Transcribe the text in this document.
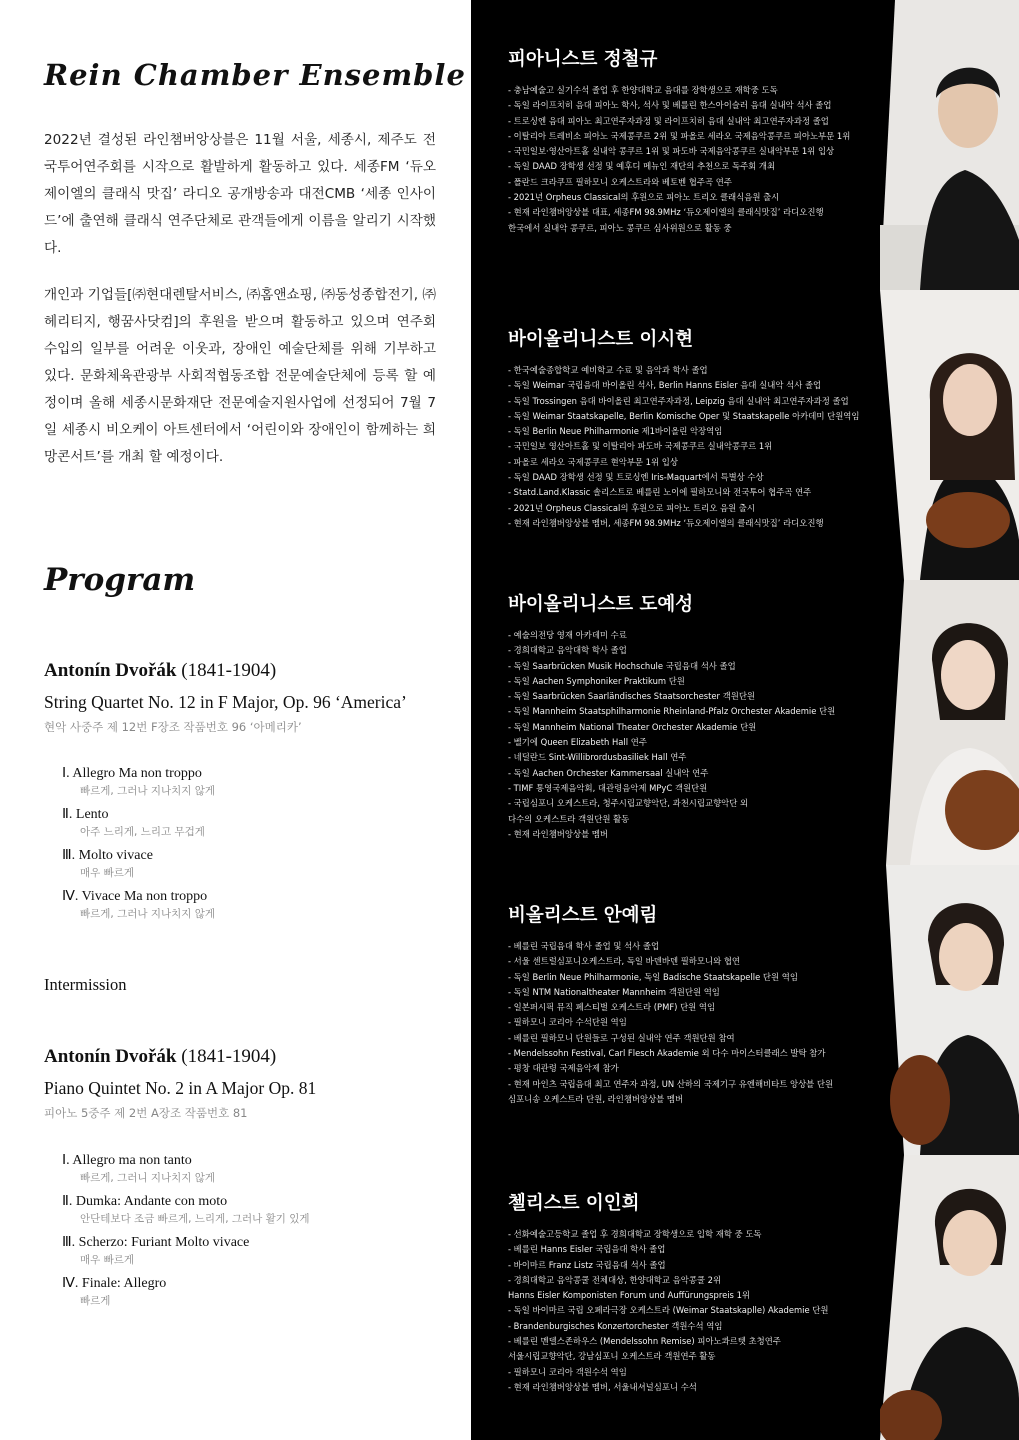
Rein Chamber Ensemble

2022년 결성된 라인챔버앙상블은 11월 서울, 세종시, 제주도 전국투어연주회를 시작으로 활발하게 활동하고 있다. 세종FM ‘듀오 제이엘의 클래식 맛집’ 라디오 공개방송과 대전CMB ‘세종 인사이드’에 출연해 클래식 연주단체로 관객들에게 이름을 알리기 시작했다.

개인과 기업들[㈜현대렌탈서비스, ㈜홈앤쇼핑, ㈜동성종합전기, ㈜헤리티지, 행꿈사닷컴]의 후원을 받으며 활동하고 있으며 연주회 수입의 일부를 어려운 이웃과, 장애인 예술단체를 위해 기부하고 있다. 문화체육관광부 사회적협동조합 전문예술단체에 등록 할 예정이며 올해 세종시문화재단 전문예술지원사업에 선정되어 7월 7일 세종시 비오케이 아트센터에서 ‘어린이와 장애인이 함께하는 희망콘서트’를 개최 할 예정이다.

Program
Antonín Dvořák (1841-1904)
String Quartet No. 12 in F Major, Op. 96 ‘America’
현악 사중주 제 12번 F장조 작품번호 96 ‘아메리카’
Ⅰ. Allegro Ma non troppo
빠르게, 그러나 지나치지 않게
Ⅱ. Lento
아주 느리게, 느리고 무겁게
Ⅲ. Molto vivace
매우 빠르게
Ⅳ. Vivace Ma non troppo
빠르게, 그러나 지나치지 않게
Intermission
Antonín Dvořák (1841-1904)
Piano Quintet No. 2 in A Major Op. 81
피아노 5중주 제 2번 A장조 작품번호 81
Ⅰ. Allegro ma non tanto
빠르게, 그러니 지나치지 않게
Ⅱ. Dumka: Andante con moto
안단테보다 조금 빠르게, 느리게, 그러나 활기 있게
Ⅲ. Scherzo: Furiant Molto vivace
매우 빠르게
Ⅳ. Finale: Allegro
빠르게
피아니스트 정철규
- 충남예술고 실기수석 졸업 후 한양대학교 음대를 장학생으로 재학중 도독
- 독일 라이프치히 음대 피아노 학사, 석사 및 베를린 한스아이슬러 음대 실내악 석사 졸업
- 트로싱엔 음대 피아노 최고연주자과정 및 라이프치히 음대 실내악 최고연주자과정 졸업
- 이탈리아 트레비소 피아노 국제콩쿠르 2위 및 파올로 세라오 국제음악콩쿠르 피아노부문 1위
- 국민일보·영산아트홀 실내악 콩쿠르 1위 및 파도바 국제음악콩쿠르 실내악부문 1위 입상
- 독일 DAAD 장학생 선정 및 예후디 메뉴인 재단의 추천으로 독주회 개최
- 폴란드 크라쿠프 필하모니 오케스트라와 베토벤 협주곡 연주
- 2021년 Orpheus Classical의 후원으로 피아노 트리오 클래식음원 출시
- 현재 라인챔버앙상블 대표, 세종FM 98.9MHz ‘듀오제이엘의 클래식맛집’ 라디오진행
한국에서 실내악 콩쿠르, 피아노 콩쿠르 심사위원으로 활동 중
바이올리니스트 이시현
- 한국예술종합학교 예비학교 수료 및 음악과 학사 졸업
- 독일 Weimar 국립음대 바이올린 석사, Berlin Hanns Eisler 음대 실내악 석사 졸업
- 독일 Trossingen 음대 바이올린 최고연주자과정, Leipzig 음대 실내악 최고연주자과정 졸업
- 독일 Weimar Staatskapelle, Berlin Komische Oper 및 Staatskapelle 아카데미 단원역임
- 독일 Berlin Neue Philharmonie 제1바이올린 악장역임
- 국민일보 영산아트홀 및 이탈리아 파도바 국제콩쿠르 실내악콩쿠르 1위
- 파올로 세라오 국제콩쿠르 현악부문 1위 입상
- 독일 DAAD 장학생 선정 및 트로싱엔 Iris-Maquart에서 특별상 수상
- Statd.Land.Klassic 솔리스트로 베를린 노이에 필하모니와 전국투어 협주곡 연주
- 2021년 Orpheus Classical의 후원으로 피아노 트리오 음원 출시
- 현재 라인챔버앙상블 멤버, 세종FM 98.9MHz ‘듀오제이엘의 클래식맛집’ 라디오진행
바이올리니스트 도예성
- 예술의전당 영재 아카데미 수료
- 경희대학교 음악대학 학사 졸업
- 독일 Saarbrücken Musik Hochschule 국립음대 석사 졸업
- 독일 Aachen Symphoniker Praktikum 단원
- 독일 Saarbrücken Saarländisches Staatsorchester 객원단원
- 독일 Mannheim Staatsphilharmonie Rheinland-Pfalz Orchester Akademie 단원
- 독일 Mannheim National Theater Orchester Akademie 단원
- 벨기에 Queen Elizabeth Hall 연주
- 네덜란드 Sint-Willibrordusbasiliek Hall 연주
- 독일 Aachen Orchester Kammersaal 실내악 연주
- TIMF 통영국제음악회, 대관령음악제 MPyC 객원단원
- 국립심포니 오케스트라, 청주시립교향악단, 과천시립교향악단 외
다수의 오케스트라 객원단원 활동
- 현재 라인챔버앙상블 멤버
비올리스트 안예림
- 베를린 국립음대 학사 졸업 및 석사 졸업
- 서울 센트럴심포니오케스트라, 독일 바덴바덴 필하모니와 협연
- 독일 Berlin Neue Philharmonie, 독일 Badische Staatskapelle 단원 역임
- 독일 NTM Nationaltheater Mannheim 객원단원 역임
- 일본퍼시픽 뮤직 페스티벌 오케스트라 (PMF) 단원 역임
- 필하모니 코리아 수석단원 역임
- 베를린 필하모니 단원들로 구성된 실내악 연주 객원단원 참여
- Mendelssohn Festival, Carl Flesch Akademie 외 다수 마이스터클래스 발탁 참가
- 평창 대관령 국제음악제 참가
- 현재 마인츠 국립음대 최고 연주자 과정, UN 산하의 국제기구 유엔해비타트 앙상블 단원
심포니송 오케스트라 단원, 라인챔버앙상블 멤버
첼리스트 이인희
- 선화예술고등학교 졸업 후 경희대학교 장학생으로 입학 재학 중 도독
- 베를린 Hanns Eisler 국립음대 학사 졸업
- 바이마르 Franz Listz 국립음대 석사 졸업
- 경희대학교 음악콩쿨 전체대상, 한양대학교 음악콩쿨 2위
Hanns Eisler Komponisten Forum und Auffürungspreis 1위
- 독일 바이마르 국립 오페라극장 오케스트라 (Weimar Staatskaplle) Akademie 단원
- Brandenburgisches Konzertorchester 객원수석 역임
- 베를린 멘델스존하우스 (Mendelssohn Remise) 피아노콰르텟 초청연주
서울시립교향악단, 강남심포니 오케스트라 객원연주 활동
- 필하모니 코리아 객원수석 역임
- 현재 라인챔버앙상블 멤버, 서울내셔널심포니 수석
